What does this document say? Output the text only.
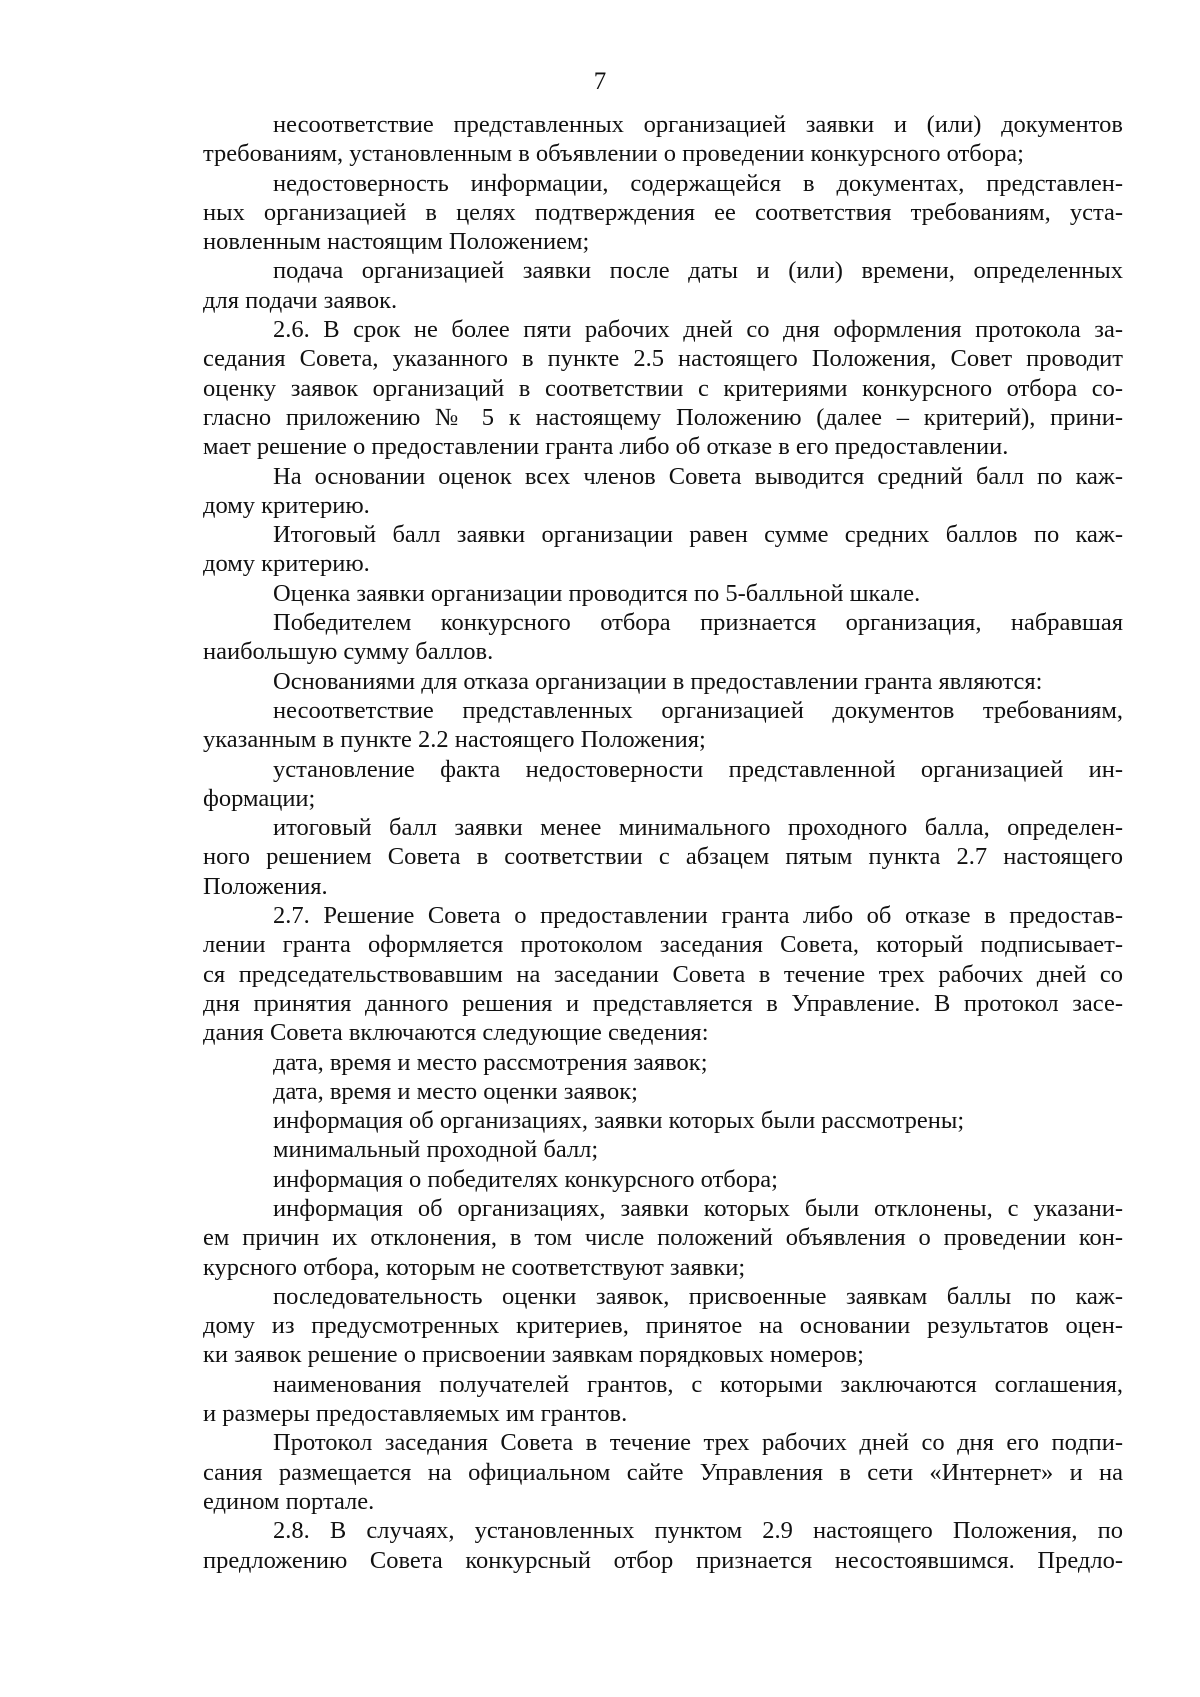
7
несоответствие представленных организацией заявки и (или) документов
требованиям, установленным в объявлении о проведении конкурсного отбора;
недостоверность информации, содержащейся в документах, представлен-
ных организацией в целях подтверждения ее соответствия требованиям, уста-
новленным настоящим Положением;
подача организацией заявки после даты и (или) времени, определенных
для подачи заявок.
2.6. В срок не более пяти рабочих дней со дня оформления протокола за-
седания Совета, указанного в пункте 2.5 настоящего Положения, Совет проводит
оценку заявок организаций в соответствии с критериями конкурсного отбора со-
гласно приложению № 5 к настоящему Положению (далее – критерий), прини-
мает решение о предоставлении гранта либо об отказе в его предоставлении.
На основании оценок всех членов Совета выводится средний балл по каж-
дому критерию.
Итоговый балл заявки организации равен сумме средних баллов по каж-
дому критерию.
Оценка заявки организации проводится по 5-балльной шкале.
Победителем конкурсного отбора признается организация, набравшая
наибольшую сумму баллов.
Основаниями для отказа организации в предоставлении гранта являются:
несоответствие представленных организацией документов требованиям,
указанным в пункте 2.2 настоящего Положения;
установление факта недостоверности представленной организацией ин-
формации;
итоговый балл заявки менее минимального проходного балла, определен-
ного решением Совета в соответствии с абзацем пятым пункта 2.7 настоящего
Положения.
2.7. Решение Совета о предоставлении гранта либо об отказе в предостав-
лении гранта оформляется протоколом заседания Совета, который подписывает-
ся председательствовавшим на заседании Совета в течение трех рабочих дней со
дня принятия данного решения и представляется в Управление. В протокол засе-
дания Совета включаются следующие сведения:
дата, время и место рассмотрения заявок;
дата, время и место оценки заявок;
информация об организациях, заявки которых были рассмотрены;
минимальный проходной балл;
информация о победителях конкурсного отбора;
информация об организациях, заявки которых были отклонены, с указани-
ем причин их отклонения, в том числе положений объявления о проведении кон-
курсного отбора, которым не соответствуют заявки;
последовательность оценки заявок, присвоенные заявкам баллы по каж-
дому из предусмотренных критериев, принятое на основании результатов оцен-
ки заявок решение о присвоении заявкам порядковых номеров;
наименования получателей грантов, с которыми заключаются соглашения,
и размеры предоставляемых им грантов.
Протокол заседания Совета в течение трех рабочих дней со дня его подпи-
сания размещается на официальном сайте Управления в сети «Интернет» и на
едином портале.
2.8. В случаях, установленных пунктом 2.9 настоящего Положения, по
предложению Совета конкурсный отбор признается несостоявшимся. Предло-
